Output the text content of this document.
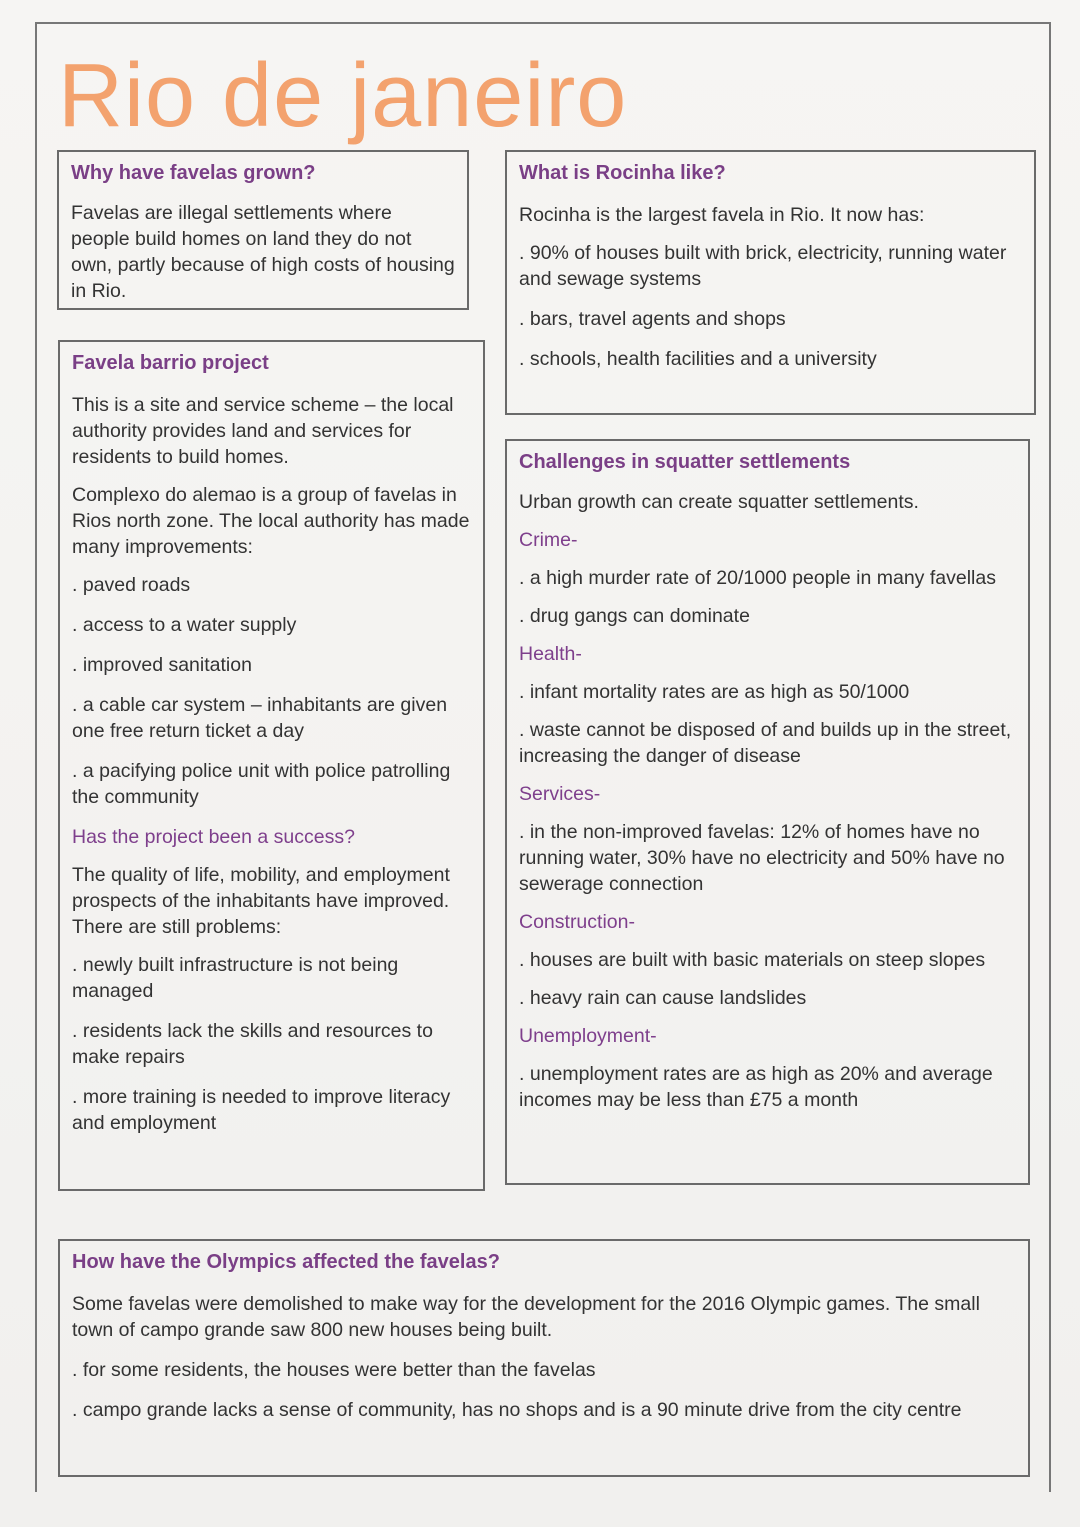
Rio de janeiro
Why have favelas grown?

Favelas are illegal settlements where people build homes on land they do not own, partly because of high costs of housing in Rio.

What is Rocinha like?

Rocinha is the largest favela in Rio. It now has:

. 90% of houses built with brick, electricity, running water and sewage systems
. bars, travel agents and shops
. schools, health facilities and a university
Favela barrio project

This is a site and service scheme – the local authority provides land and services for residents to build homes.

Complexo do alemao is a group of favelas in Rios north zone. The local authority has made many improvements:

. paved roads
. access to a water supply
. improved sanitation
. a cable car system – inhabitants are given one free return ticket a day
. a pacifying police unit with police patrolling the community
Has the project been a success?

The quality of life, mobility, and employment prospects of the inhabitants have improved. There are still problems:

. newly built infrastructure is not being managed
. residents lack the skills and resources to make repairs
. more training is needed to improve literacy and employment
Challenges in squatter settlements

Urban growth can create squatter settlements.

Crime-
. a high murder rate of 20/1000 people in many favellas
. drug gangs can dominate
Health-
. infant mortality rates are as high as 50/1000
. waste cannot be disposed of and builds up in the street, increasing the danger of disease
Services-
. in the non-improved favelas: 12% of homes have no running water, 30% have no electricity and 50% have no sewerage connection
Construction-
. houses are built with basic materials on steep slopes
. heavy rain can cause landslides
Unemployment-
. unemployment rates are as high as 20% and average incomes may be less than £75 a month
How have the Olympics affected the favelas?

Some favelas were demolished to make way for the development for the 2016 Olympic games. The small town of campo grande saw 800 new houses being built.

. for some residents, the houses were better than the favelas
. campo grande lacks a sense of community, has no shops and is a 90 minute drive from the city centre
